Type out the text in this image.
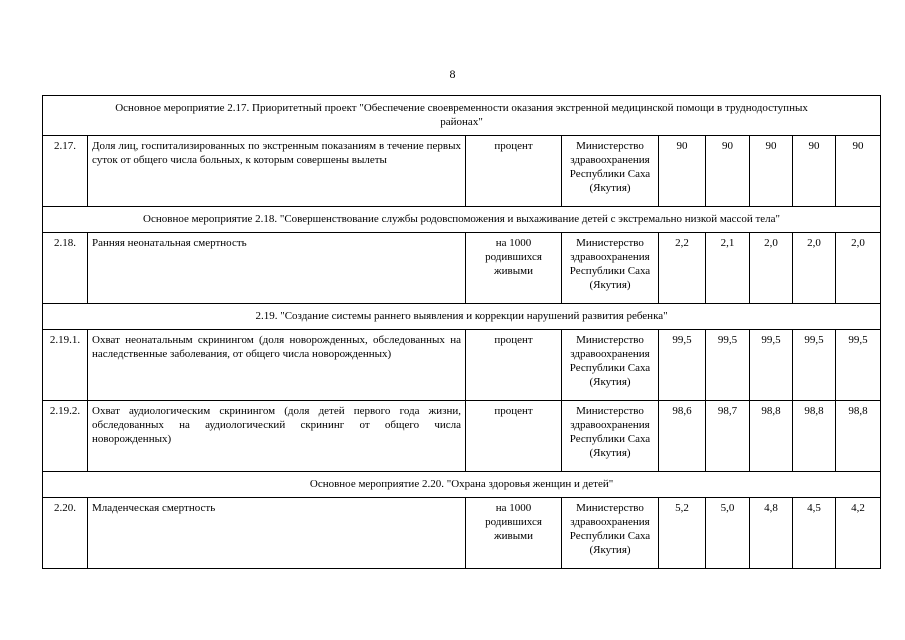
8
Основное мероприятие 2.17. Приоритетный проект "Обеспечение своевременности оказания экстренной медицинской помощи в труднодоступных районах"								
2.17.	Доля лиц, госпитализированных по экстренным показаниям в течение первых суток от общего числа больных, к которым совершены вылеты	процент	Министерство здравоохранения Республики Саха (Якутия)	90	90	90	90	90
Основное мероприятие 2.18. "Совершенствование службы родовспоможения и выхаживание детей с экстремально низкой массой тела"								
2.18.	Ранняя неонатальная смертность	на 1000 родившихся живыми	Министерство здравоохранения Республики Саха (Якутия)	2,2	2,1	2,0	2,0	2,0
2.19. "Создание системы раннего выявления и коррекции нарушений развития ребенка"								
2.19.1.	Охват неонатальным скринингом (доля новорожденных, обследованных на наследственные заболевания, от общего числа новорожденных)	процент	Министерство здравоохранения Республики Саха (Якутия)	99,5	99,5	99,5	99,5	99,5
2.19.2.	Охват аудиологическим скринингом (доля детей первого года жизни, обследованных на аудиологический скрининг от общего числа новорожденных)	процент	Министерство здравоохранения Республики Саха (Якутия)	98,6	98,7	98,8	98,8	98,8
Основное мероприятие 2.20. "Охрана здоровья женщин и детей"								
2.20.	Младенческая смертность	на 1000 родившихся живыми	Министерство здравоохранения Республики Саха (Якутия)	5,2	5,0	4,8	4,5	4,2
